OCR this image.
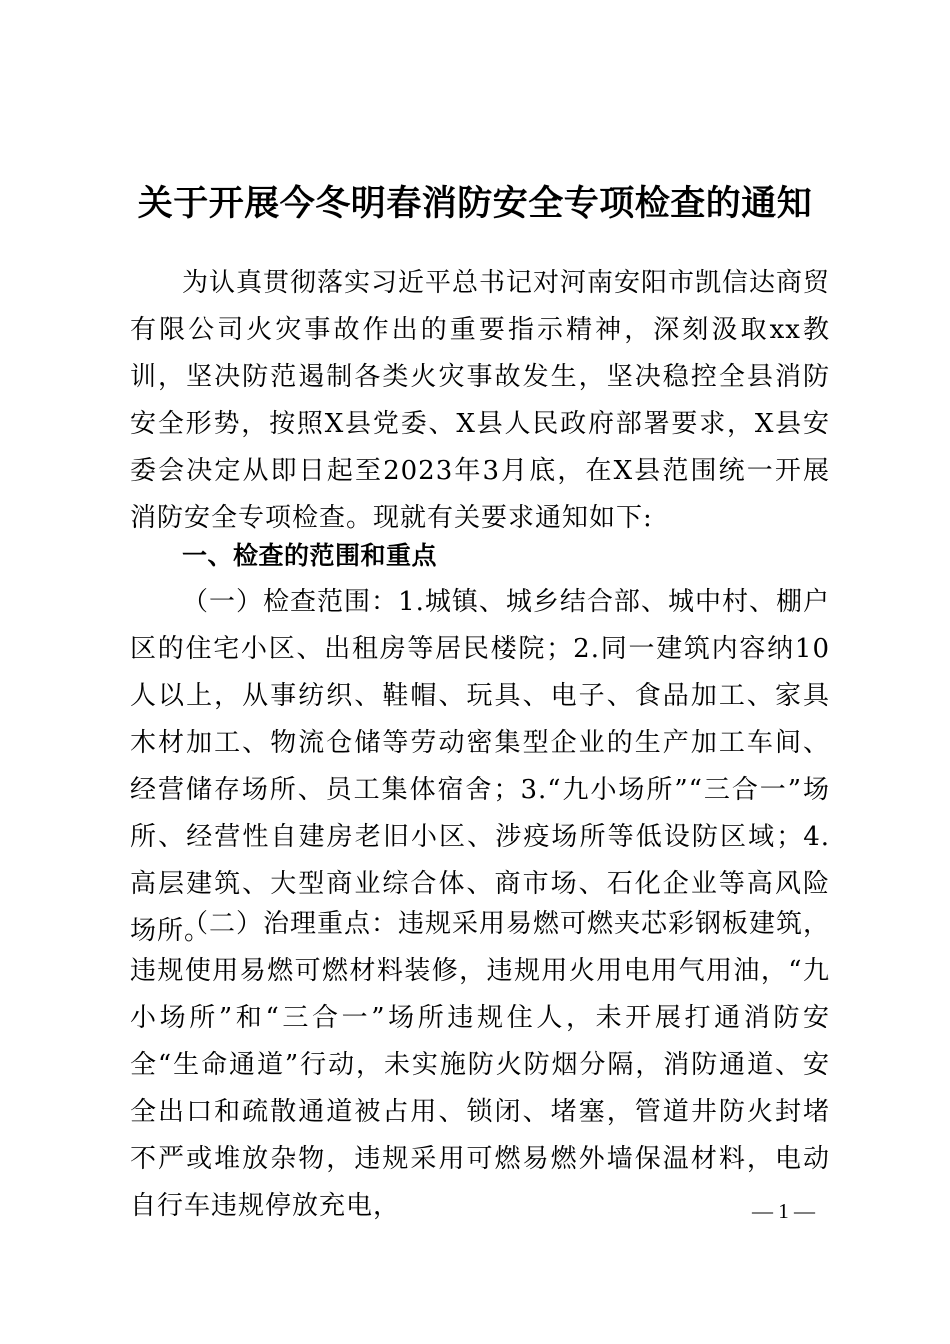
关于开展今冬明春消防安全专项检查的通知

为认真贯彻落实习近平总书记对河南安阳市凯信达商贸有限公司火灾事故作出的重要指示精神，深刻汲取xx教训，坚决防范遏制各类火灾事故发生，坚决稳控全县消防安全形势，按照X县党委、X县人民政府部署要求，X县安委会决定从即日起至2023年3月底，在X县范围统一开展消防安全专项检查。现就有关要求通知如下:

一、检查的范围和重点

（一）检查范围：1.城镇、城乡结合部、城中村、棚户区的住宅小区、出租房等居民楼院；2.同一建筑内容纳10人以上，从事纺织、鞋帽、玩具、电子、食品加工、家具木材加工、物流仓储等劳动密集型企业的生产加工车间、经营储存场所、员工集体宿舍；3.“九小场所”“三合一”场所、经营性自建房老旧小区、涉疫场所等低设防区域；4.高层建筑、大型商业综合体、商市场、石化企业等高风险场所。

（二）治理重点：违规采用易燃可燃夹芯彩钢板建筑，违规使用易燃可燃材料装修，违规用火用电用气用油，“九小场所”和“三合一”场所违规住人，未开展打通消防安全“生命通道”行动，未实施防火防烟分隔，消防通道、安全出口和疏散通道被占用、锁闭、堵塞，管道井防火封堵不严或堆放杂物，违规采用可燃易燃外墙保温材料，电动自行车违规停放充电，	— 1 —
